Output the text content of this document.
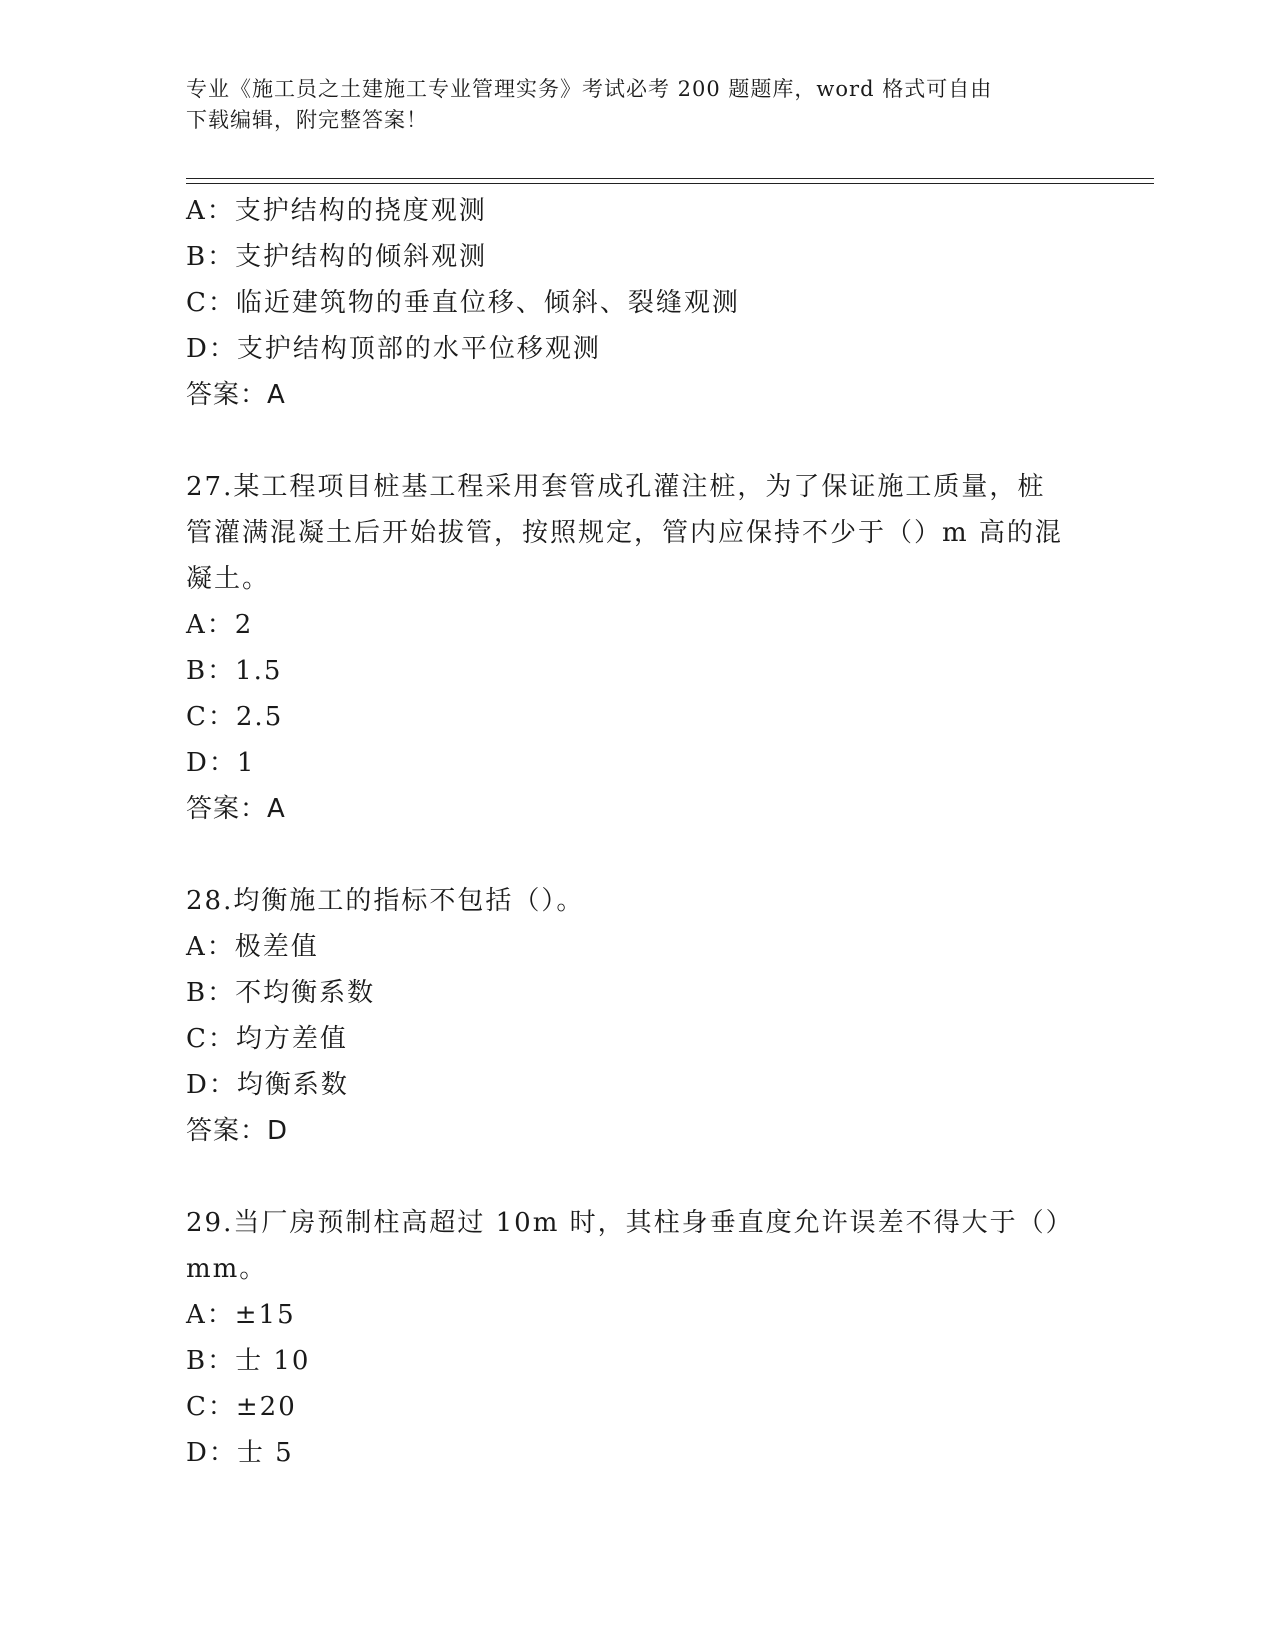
专业《施工员之土建施工专业管理实务》考试必考 200 题题库，word 格式可自由
下载编辑，附完整答案！
A：支护结构的挠度观测
B：支护结构的倾斜观测
C：临近建筑物的垂直位移、倾斜、裂缝观测
D：支护结构顶部的水平位移观测
答案：A
27.某工程项目桩基工程采用套管成孔灌注桩，为了保证施工质量，桩
管灌满混凝土后开始拔管，按照规定，管内应保持不少于（）m 高的混
凝土。
A：2
B：1.5
C：2.5
D：1
答案：A
28.均衡施工的指标不包括（）。
A：极差值
B：不均衡系数
C：均方差值
D：均衡系数
答案：D
29.当厂房预制柱高超过 10m 时，其柱身垂直度允许误差不得大于（）
mm。
A：±15
B：士 10
C：±20
D：士 5
